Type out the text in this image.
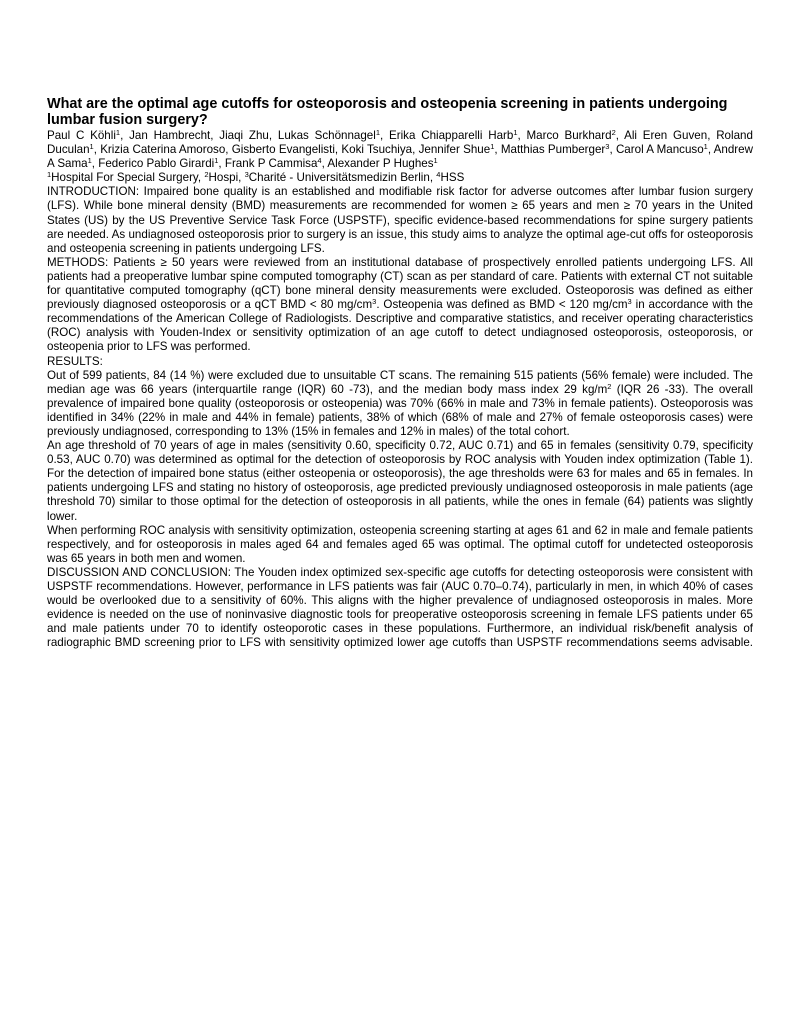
What are the optimal age cutoffs for osteoporosis and osteopenia screening in patients undergoing lumbar fusion surgery?

Paul C Köhli$^1$, Jan Hambrecht, Jiaqi Zhu, Lukas Schönnagel$^1$, Erika Chiapparelli Harb$^1$, Marco Burkhard$^2$, Ali Eren Guven, Roland Duculan$^1$, Krizia Caterina Amoroso, Gisberto Evangelisti, Koki Tsuchiya, Jennifer Shue$^1$, Matthias Pumberger$^3$, Carol A Mancuso$^1$, Andrew A Sama$^1$, Federico Pablo Girardi$^1$, Frank P Cammisa$^4$, Alexander P Hughes$^1$

$^1$Hospital For Special Surgery, $^2$Hospi, $^3$Charité - Universitätsmedizin Berlin, $^4$HSS

INTRODUCTION: Impaired bone quality is an established and modifiable risk factor for adverse outcomes after lumbar fusion surgery (LFS). While bone mineral density (BMD) measurements are recommended for women ≥ 65 years and men ≥ 70 years in the United States (US) by the US Preventive Service Task Force (USPSTF), specific evidence-based recommendations for spine surgery patients are needed. As undiagnosed osteoporosis prior to surgery is an issue, this study aims to analyze the optimal age-cut offs for osteoporosis and osteopenia screening in patients undergoing LFS.

METHODS: Patients ≥ 50 years were reviewed from an institutional database of prospectively enrolled patients undergoing LFS. All patients had a preoperative lumbar spine computed tomography (CT) scan as per standard of care. Patients with external CT not suitable for quantitative computed tomography (qCT) bone mineral density measurements were excluded. Osteoporosis was defined as either previously diagnosed osteoporosis or a qCT BMD < 80 $mg/cm^3$. Osteopenia was defined as BMD < 120 $mg/cm^3$ in accordance with the recommendations of the American College of Radiologists. Descriptive and comparative statistics, and receiver operating characteristics (ROC) analysis with Youden-Index or sensitivity optimization of an age cutoff to detect undiagnosed osteoporosis, osteoporosis, or osteopenia prior to LFS was performed.

RESULTS:

Out of 599 patients, 84 (14 %) were excluded due to unsuitable CT scans. The remaining 515 patients (56% female) were included. The median age was 66 years (interquartile range (IQR) 60 -73), and the median body mass index 29 $kg/m^2$ (IQR 26 -33). The overall prevalence of impaired bone quality (osteoporosis or osteopenia) was 70% (66% in male and 73% in female patients). Osteoporosis was identified in 34% (22% in male and 44% in female) patients, 38% of which (68% of male and 27% of female osteoporosis cases) were previously undiagnosed, corresponding to 13% (15% in females and 12% in males) of the total cohort.

An age threshold of 70 years of age in males (sensitivity 0.60, specificity 0.72, AUC 0.71) and 65 in females (sensitivity 0.79, specificity 0.53, AUC 0.70) was determined as optimal for the detection of osteoporosis by ROC analysis with Youden index optimization (Table 1). For the detection of impaired bone status (either osteopenia or osteoporosis), the age thresholds were 63 for males and 65 in females. In patients undergoing LFS and stating no history of osteoporosis, age predicted previously undiagnosed osteoporosis in male patients (age threshold 70) similar to those optimal for the detection of osteoporosis in all patients, while the ones in female (64) patients was slightly lower.

When performing ROC analysis with sensitivity optimization, osteopenia screening starting at ages 61 and 62 in male and female patients respectively, and for osteoporosis in males aged 64 and females aged 65 was optimal. The optimal cutoff for undetected osteoporosis was 65 years in both men and women.

DISCUSSION AND CONCLUSION: The Youden index optimized sex-specific age cutoffs for detecting osteoporosis were consistent with USPSTF recommendations. However, performance in LFS patients was fair (AUC 0.70–0.74), particularly in men, in which 40% of cases would be overlooked due to a sensitivity of 60%. This aligns with the higher prevalence of undiagnosed osteoporosis in males. More evidence is needed on the use of noninvasive diagnostic tools for preoperative osteoporosis screening in female LFS patients under 65 and male patients under 70 to identify osteoporotic cases in these populations. Furthermore, an individual risk/benefit analysis of radiographic BMD screening prior to LFS with sensitivity optimized lower age cutoffs than USPSTF recommendations seems advisable.
